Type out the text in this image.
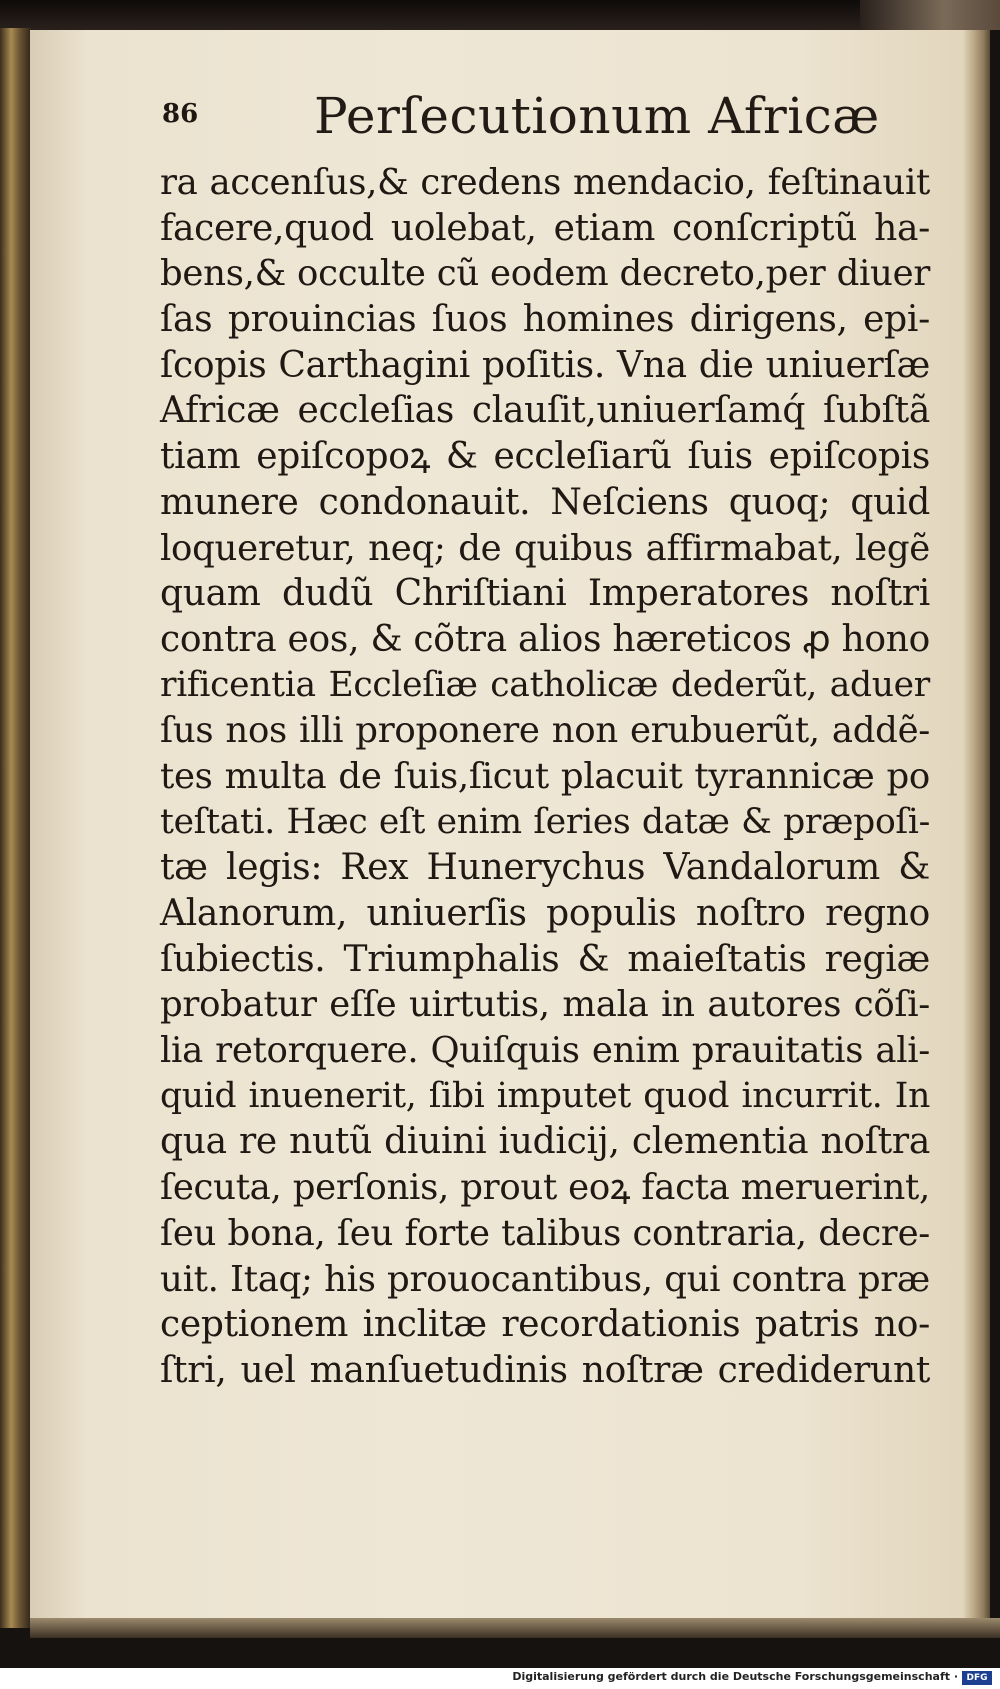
86 Perſecutionum Africæ
ra accenſus,& credens mendacio, feſtinauit
facere,quod uolebat, etiam conſcriptũ ha-
bens,& occulte cũ eodem decreto,per diuer
ſas prouincias ſuos homines dirigens, epi-
ſcopis Carthagini poſitis. Vna die uniuerſæ
Africæ eccleſias clauſit,uniuerſamq́ ſubſtã
tiam epiſcopoꝝ & eccleſiarũ ſuis epiſcopis
munere condonauit. Neſciens quoq; quid
loqueretur, neq; de quibus affirmabat, legẽ
quam dudũ Chriſtiani Imperatores noſtri
contra eos, & cõtra alios hæreticos ꝓ hono
rificentia Eccleſiæ catholicæ dederũt, aduer
ſus nos illi proponere non erubuerũt, addẽ-
tes multa de ſuis,ſicut placuit tyrannicæ po
teſtati. Hæc eſt enim ſeries datæ & præpoſi-
tæ legis: Rex Hunerychus Vandalorum &
Alanorum, uniuerſis populis noſtro regno
ſubiectis. Triumphalis & maieſtatis regiæ
probatur eſſe uirtutis, mala in autores cõſi-
lia retorquere. Quiſquis enim prauitatis ali-
quid inuenerit, ſibi imputet quod incurrit. In
qua re nutũ diuini iudicij, clementia noſtra
ſecuta, perſonis, prout eoꝝ facta meruerint,
ſeu bona, ſeu forte talibus contraria, decre-
uit. Itaq; his prouocantibus, qui contra præ
ceptionem inclitæ recordationis patris no-
ſtri, uel manſuetudinis noſtræ crediderunt
Digitalisierung gefördert durch die Deutsche Forschungsgemeinschaft · DFG
